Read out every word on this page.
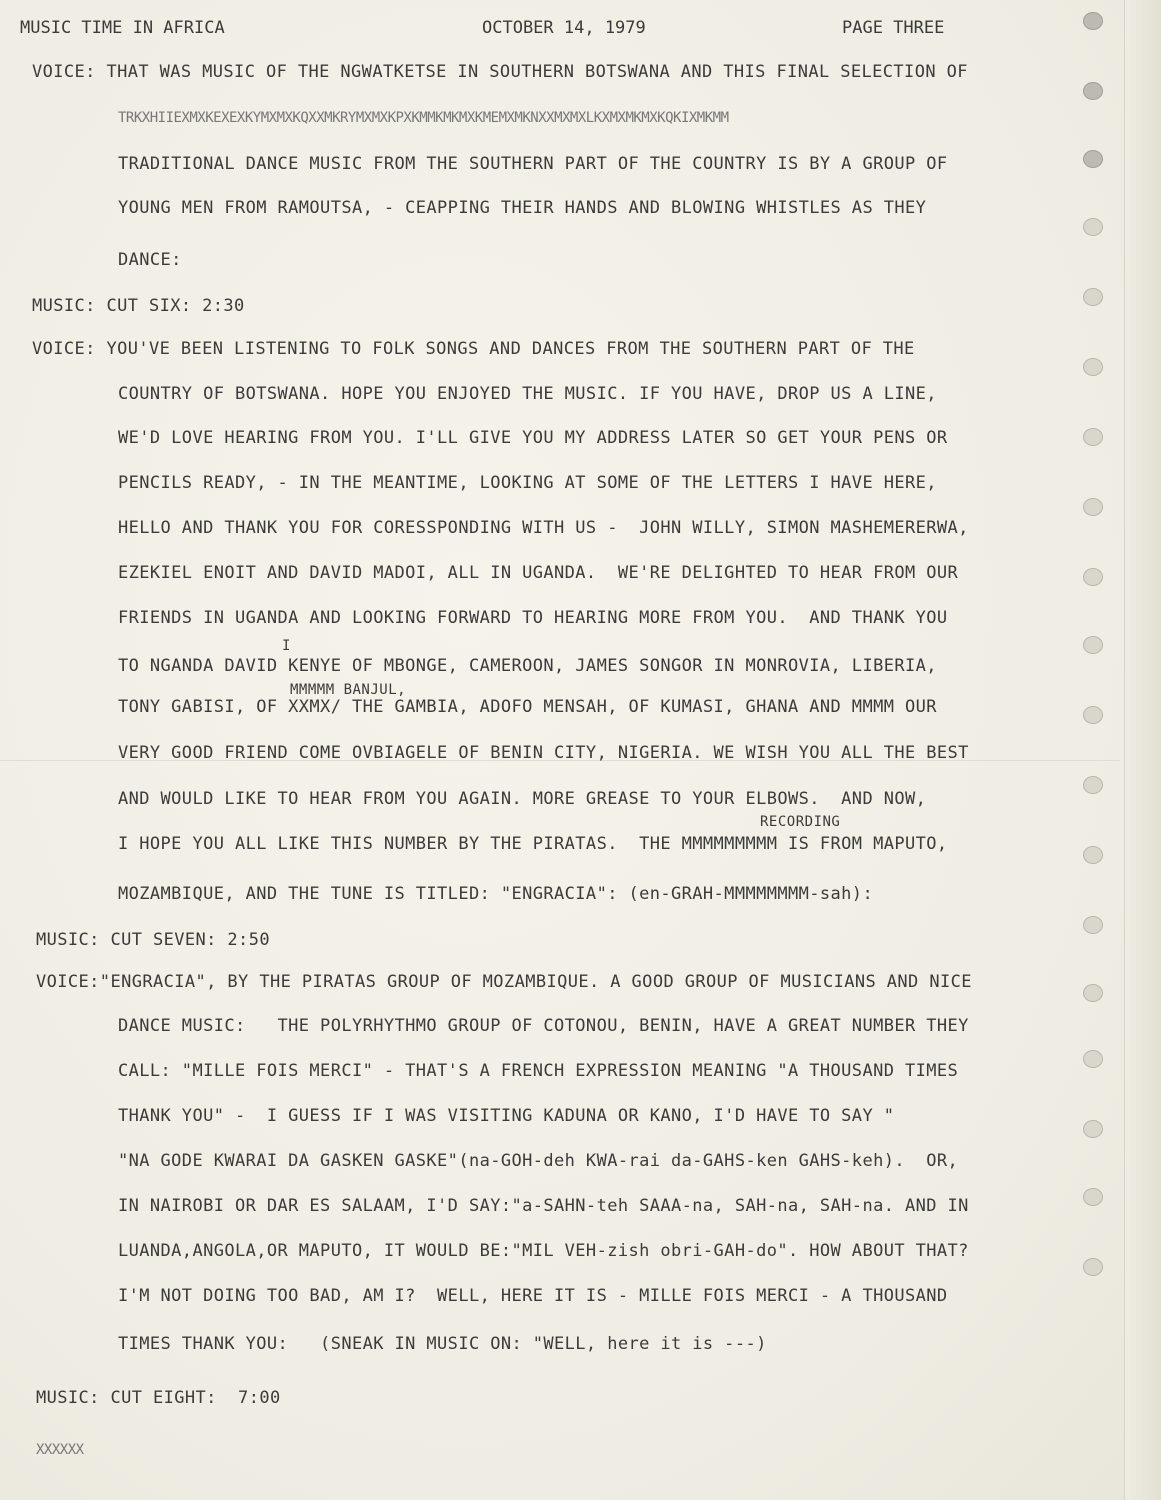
MUSIC TIME IN AFRICA	OCTOBER 14, 1979	PAGE THREE
VOICE: THAT WAS MUSIC OF THE NGWATKETSE IN SOUTHERN BOTSWANA AND THIS FINAL SELECTION OF
TRKXHIIEXMXKEXEXKYMXMXKQXXMKRYMXMXKPXKMMKMKMXKMEMXMKNXXMXMXLKXMXMKMXKQKIXMKMM
TRADITIONAL DANCE MUSIC FROM THE SOUTHERN PART OF THE COUNTRY IS BY A GROUP OF
YOUNG MEN FROM RAMOUTSA, - CEAPPING THEIR HANDS AND BLOWING WHISTLES AS THEY
DANCE:
MUSIC: CUT SIX: 2:30
VOICE: YOU'VE BEEN LISTENING TO FOLK SONGS AND DANCES FROM THE SOUTHERN PART OF THE
COUNTRY OF BOTSWANA. HOPE YOU ENJOYED THE MUSIC. IF YOU HAVE, DROP US A LINE,
WE'D LOVE HEARING FROM YOU. I'LL GIVE YOU MY ADDRESS LATER SO GET YOUR PENS OR
PENCILS READY, - IN THE MEANTIME, LOOKING AT SOME OF THE LETTERS I HAVE HERE,
HELLO AND THANK YOU FOR CORESSPONDING WITH US -  JOHN WILLY, SIMON MASHEMERERWA,
EZEKIEL ENOIT AND DAVID MADOI, ALL IN UGANDA.  WE'RE DELIGHTED TO HEAR FROM OUR
FRIENDS IN UGANDA AND LOOKING FORWARD TO HEARING MORE FROM YOU.  AND THANK YOU
I
TO NGANDA DAVID KENYE OF MBONGE, CAMEROON, JAMES SONGOR IN MONROVIA, LIBERIA,
MMMMM BANJUL,
TONY GABISI, OF XXMX/ THE GAMBIA, ADOFO MENSAH, OF KUMASI, GHANA AND MMMM OUR
VERY GOOD FRIEND COME OVBIAGELE OF BENIN CITY, NIGERIA. WE WISH YOU ALL THE BEST
AND WOULD LIKE TO HEAR FROM YOU AGAIN. MORE GREASE TO YOUR ELBOWS.  AND NOW,
RECORDING
I HOPE YOU ALL LIKE THIS NUMBER BY THE PIRATAS.  THE MMMMMMMMM IS FROM MAPUTO,
MOZAMBIQUE, AND THE TUNE IS TITLED: "ENGRACIA": (en-GRAH-MMMMMMMM-sah):
MUSIC: CUT SEVEN: 2:50
VOICE:"ENGRACIA", BY THE PIRATAS GROUP OF MOZAMBIQUE. A GOOD GROUP OF MUSICIANS AND NICE
DANCE MUSIC:   THE POLYRHYTHMO GROUP OF COTONOU, BENIN, HAVE A GREAT NUMBER THEY
CALL: "MILLE FOIS MERCI" - THAT'S A FRENCH EXPRESSION MEANING "A THOUSAND TIMES
THANK YOU" -  I GUESS IF I WAS VISITING KADUNA OR KANO, I'D HAVE TO SAY "
"NA GODE KWARAI DA GASKEN GASKE"(na-GOH-deh KWA-rai da-GAHS-ken GAHS-keh).  OR,
IN NAIROBI OR DAR ES SALAAM, I'D SAY:"a-SAHN-teh SAAA-na, SAH-na, SAH-na. AND IN
LUANDA,ANGOLA,OR MAPUTO, IT WOULD BE:"MIL VEH-zish obri-GAH-do". HOW ABOUT THAT?
I'M NOT DOING TOO BAD, AM I?  WELL, HERE IT IS - MILLE FOIS MERCI - A THOUSAND
TIMES THANK YOU:   (SNEAK IN MUSIC ON: "WELL, here it is ---)
MUSIC: CUT EIGHT:  7:00
XXXXXX
